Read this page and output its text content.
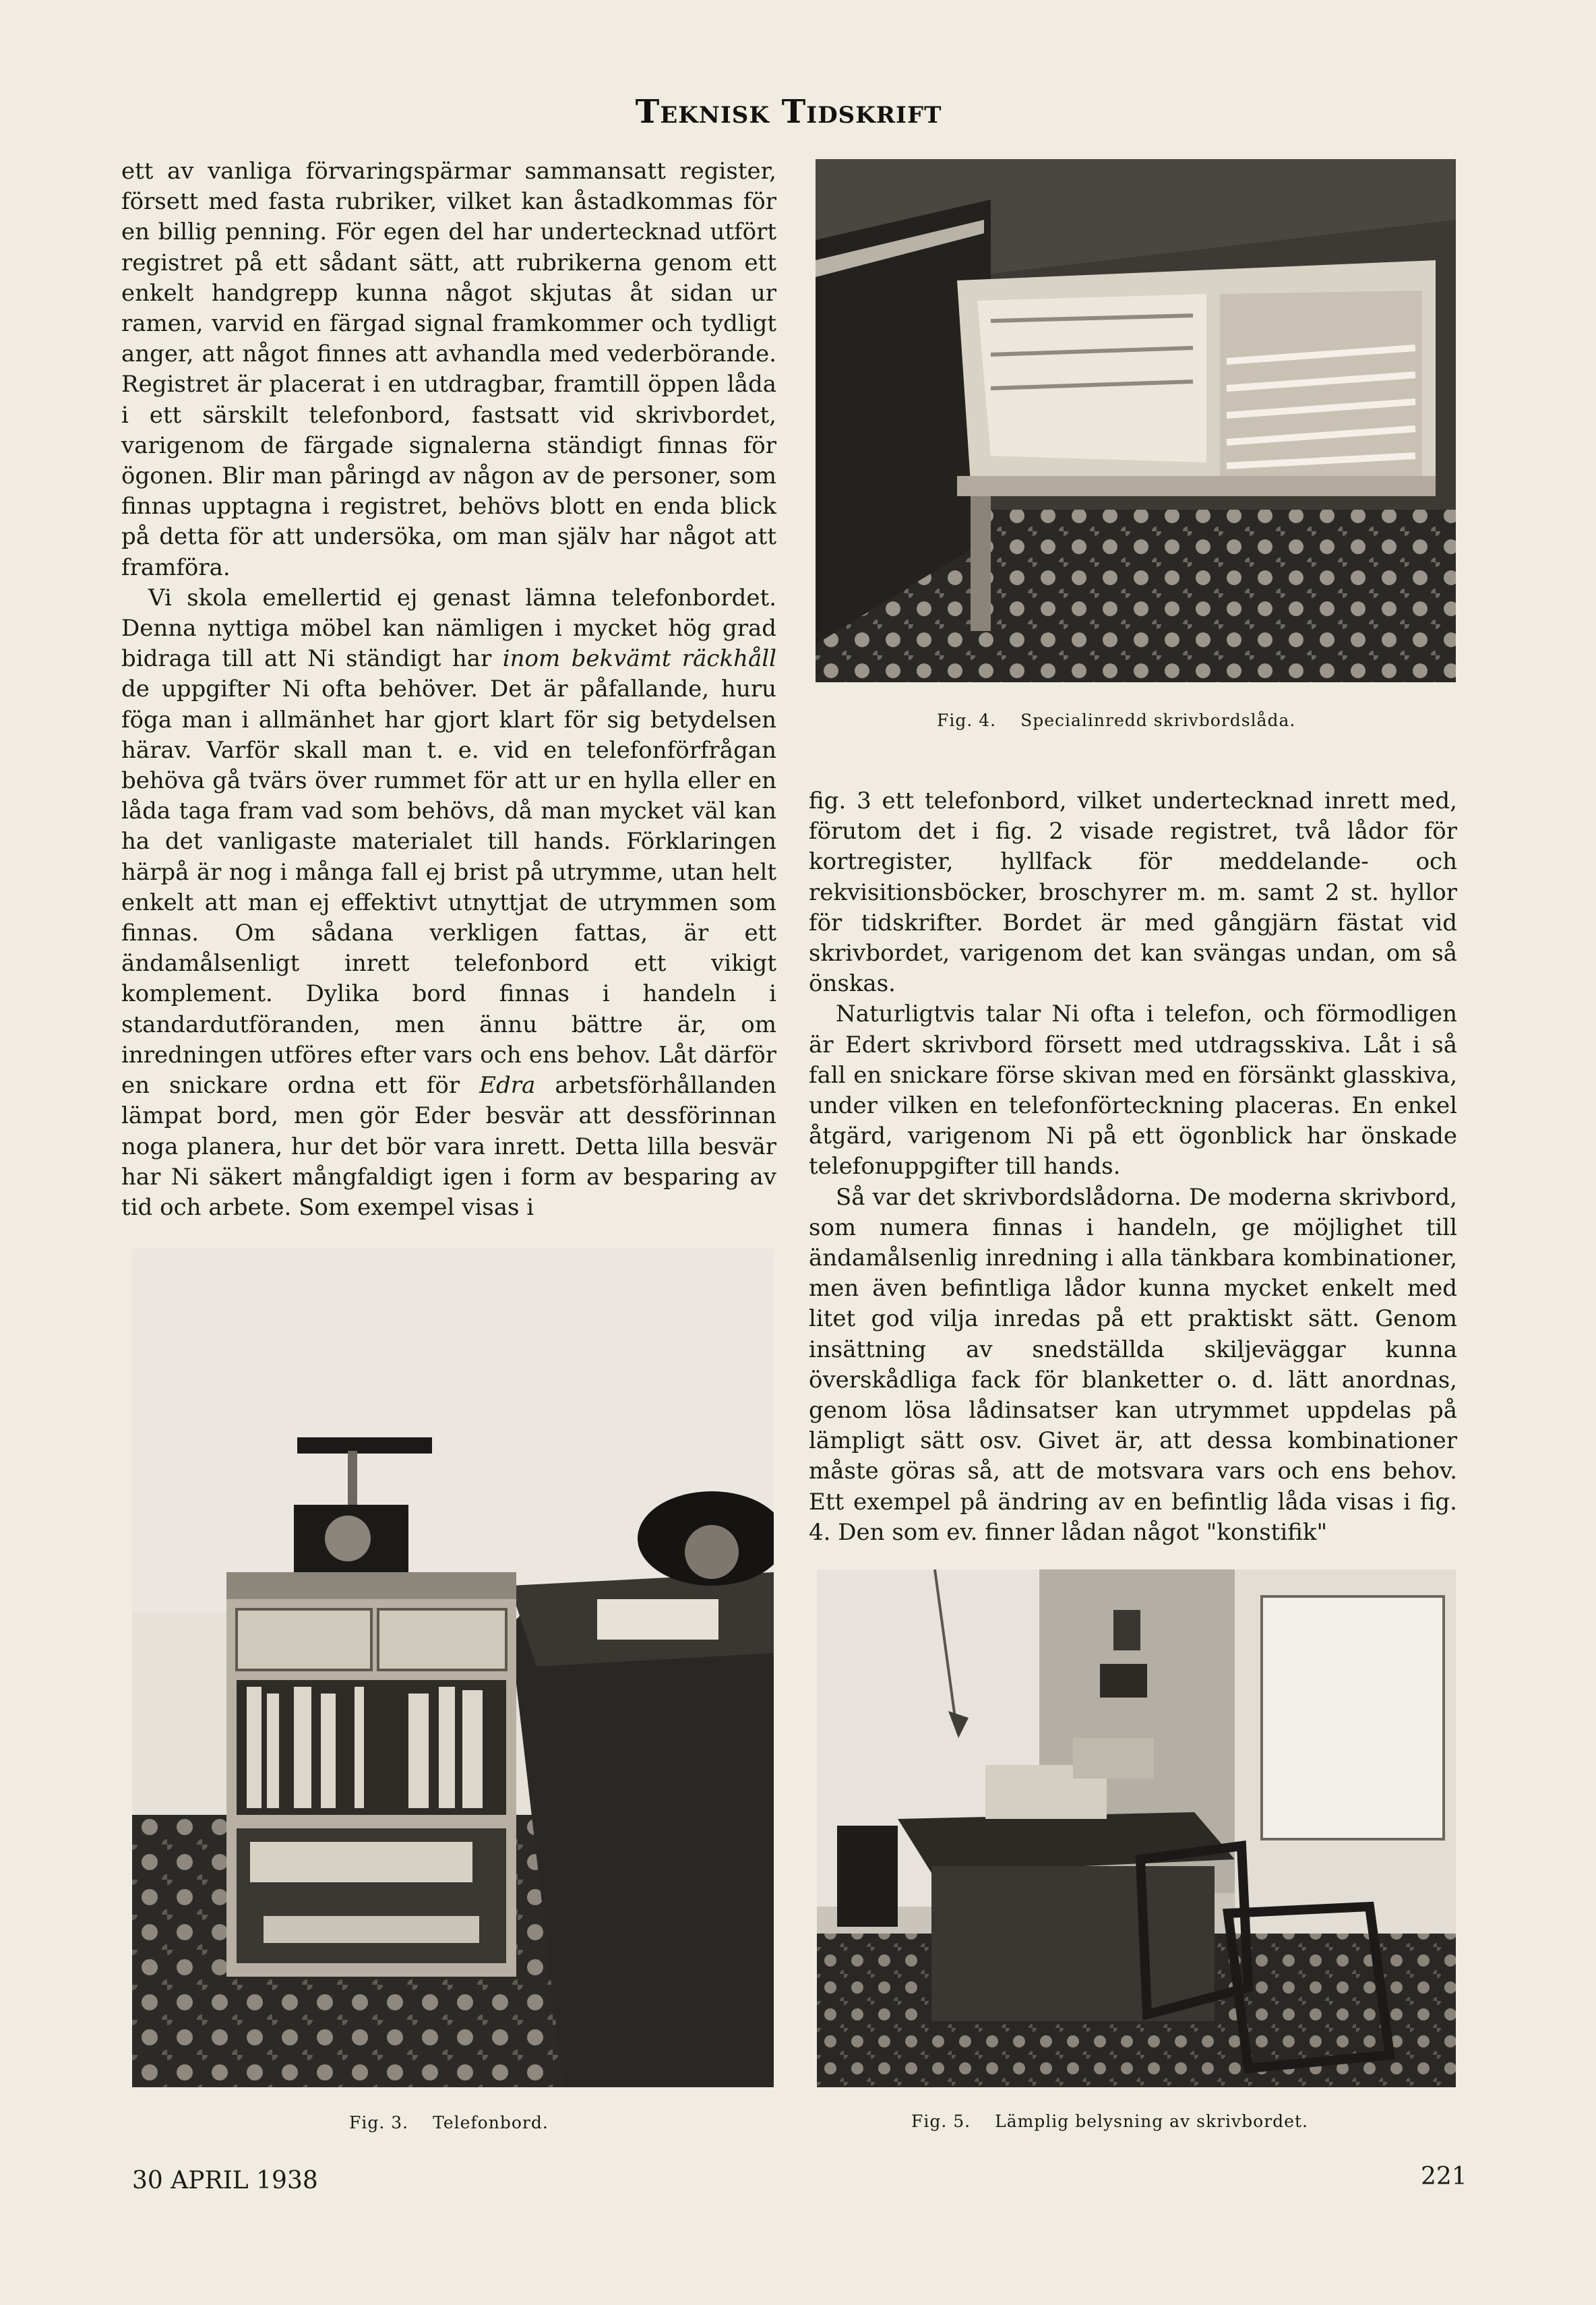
Teknisk Tidskrift

ett av vanliga förvaringspärmar sammansatt register, försett med fasta rubriker, vilket kan åstadkommas för en billig penning. För egen del har undertecknad utfört registret på ett sådant sätt, att rubrikerna genom ett enkelt handgrepp kunna något skjutas åt sidan ur ramen, varvid en färgad signal framkommer och tydligt anger, att något finnes att avhandla med vederbörande. Registret är placerat i en utdragbar, framtill öppen låda i ett särskilt telefonbord, fastsatt vid skrivbordet, varigenom de färgade signalerna ständigt finnas för ögonen. Blir man påringd av någon av de personer, som finnas upptagna i registret, behövs blott en enda blick på detta för att undersöka, om man själv har något att framföra.

Vi skola emellertid ej genast lämna telefonbordet. Denna nyttiga möbel kan nämligen i mycket hög grad bidraga till att Ni ständigt har inom bekvämt räckhåll de uppgifter Ni ofta behöver. Det är påfallande, huru föga man i allmänhet har gjort klart för sig betydelsen härav. Varför skall man t. e. vid en telefonförfrågan behöva gå tvärs över rummet för att ur en hylla eller en låda taga fram vad som behövs, då man mycket väl kan ha det vanligaste materialet till hands. Förklaringen härpå är nog i många fall ej brist på utrymme, utan helt enkelt att man ej effektivt utnyttjat de utrymmen som finnas. Om sådana verkligen fattas, är ett ändamålsenligt inrett telefonbord ett vikigt komplement. Dylika bord finnas i handeln i standardutföranden, men ännu bättre är, om inredningen utföres efter vars och ens behov. Låt därför en snickare ordna ett för Edra arbetsförhållanden lämpat bord, men gör Eder besvär att dessförinnan noga planera, hur det bör vara inrett. Detta lilla besvär har Ni säkert mångfaldigt igen i form av besparing av tid och arbete. Som exempel visas i

Fig. 4. Specialinredd skrivbordslåda.

fig. 3 ett telefonbord, vilket undertecknad inrett med, förutom det i fig. 2 visade registret, två lådor för kortregister, hyllfack för meddelande- och rekvisitionsböcker, broschyrer m. m. samt 2 st. hyllor för tidskrifter. Bordet är med gångjärn fästat vid skrivbordet, varigenom det kan svängas undan, om så önskas.

Naturligtvis talar Ni ofta i telefon, och förmodligen är Edert skrivbord försett med utdragsskiva. Låt i så fall en snickare förse skivan med en försänkt glasskiva, under vilken en telefonförteckning placeras. En enkel åtgärd, varigenom Ni på ett ögonblick har önskade telefonuppgifter till hands.

Så var det skrivbordslådorna. De moderna skrivbord, som numera finnas i handeln, ge möjlighet till ändamålsenlig inredning i alla tänkbara kombinationer, men även befintliga lådor kunna mycket enkelt med litet god vilja inredas på ett praktiskt sätt. Genom insättning av snedställda skiljeväggar kunna överskådliga fack för blanketter o. d. lätt anordnas, genom lösa lådinsatser kan utrymmet uppdelas på lämpligt sätt osv. Givet är, att dessa kombinationer måste göras så, att de motsvara vars och ens behov. Ett exempel på ändring av en befintlig låda visas i fig. 4. Den som ev. finner lådan något "konstifik"

Fig. 3. Telefonbord.	Fig. 5. Lämplig belysning av skrivbordet.
30 APRIL 1938	221
